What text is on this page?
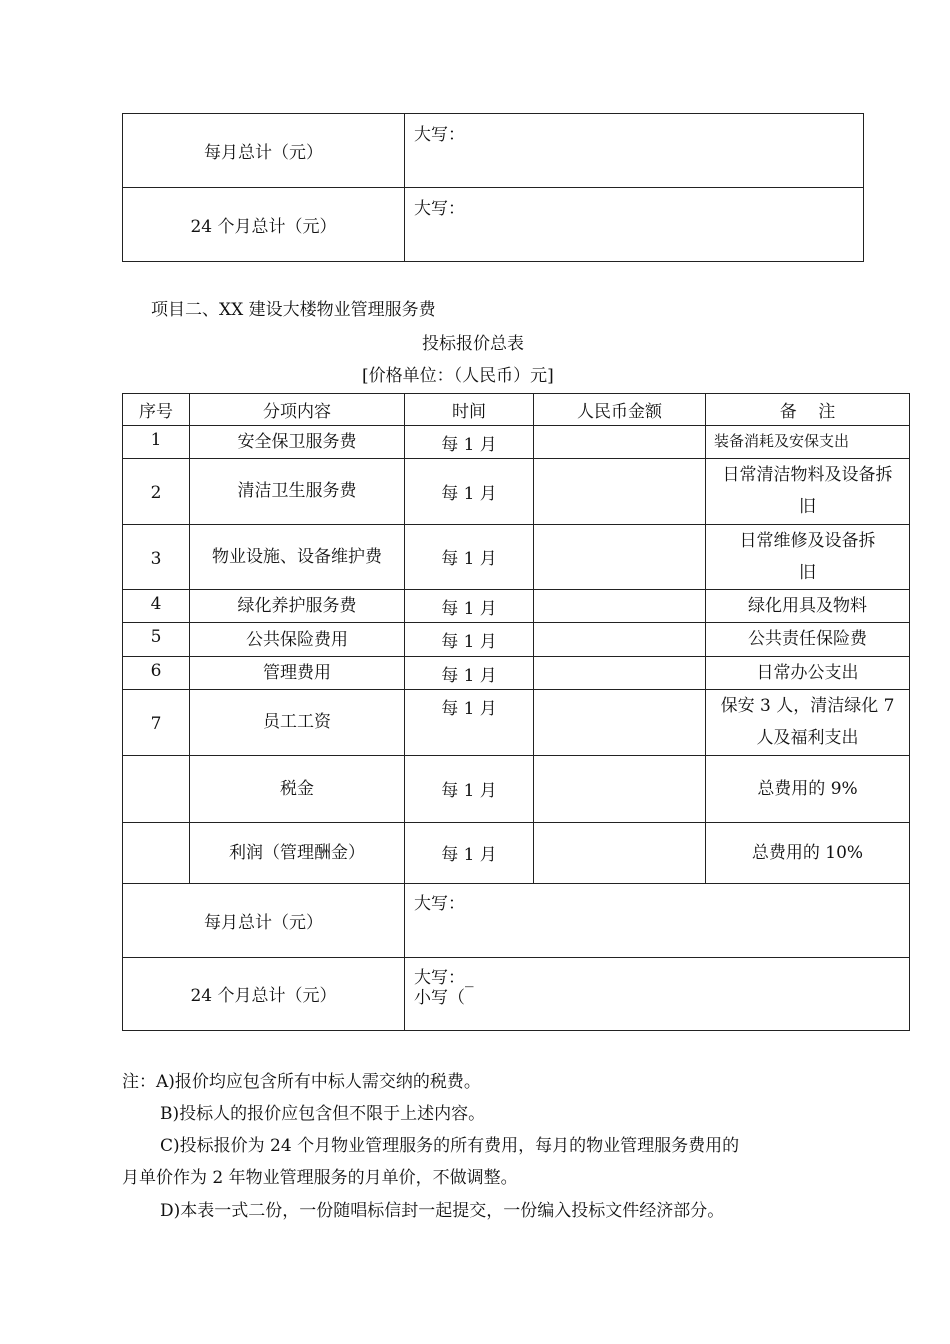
每月总计（元）	大写：
24 个月总计（元）	大写：
项目二、XX 建设大楼物业管理服务费
投标报价总表
[价格单位：（人民币）元]
序号	分项内容	时间	人民币金额	备    注
1	安全保卫服务费	每 1 月		装备消耗及安保支出
2	清洁卫生服务费	每 1 月		日常清洁物料及设备拆旧
3	物业设施、设备维护费	每 1 月		日常维修及设备拆旧
4	绿化养护服务费	每 1 月		绿化用具及物料
5	公共保险费用	每 1 月		公共责任保险费
6	管理费用	每 1 月		日常办公支出
7	员工工资	每 1 月		保安 3 人，清洁绿化 7 人及福利支出
	税金	每 1 月		总费用的 9%
	利润（管理酬金）	每 1 月		总费用的 10%
每月总计（元）		大写：		
24 个月总计（元）		大写：_
小写（		
注：A)报价均应包含所有中标人需交纳的税费。
B)投标人的报价应包含但不限于上述内容。
C)投标报价为 24 个月物业管理服务的所有费用，每月的物业管理服务费用的
月单价作为 2 年物业管理服务的月单价，不做调整。
D)本表一式二份，一份随唱标信封一起提交，一份编入投标文件经济部分。
